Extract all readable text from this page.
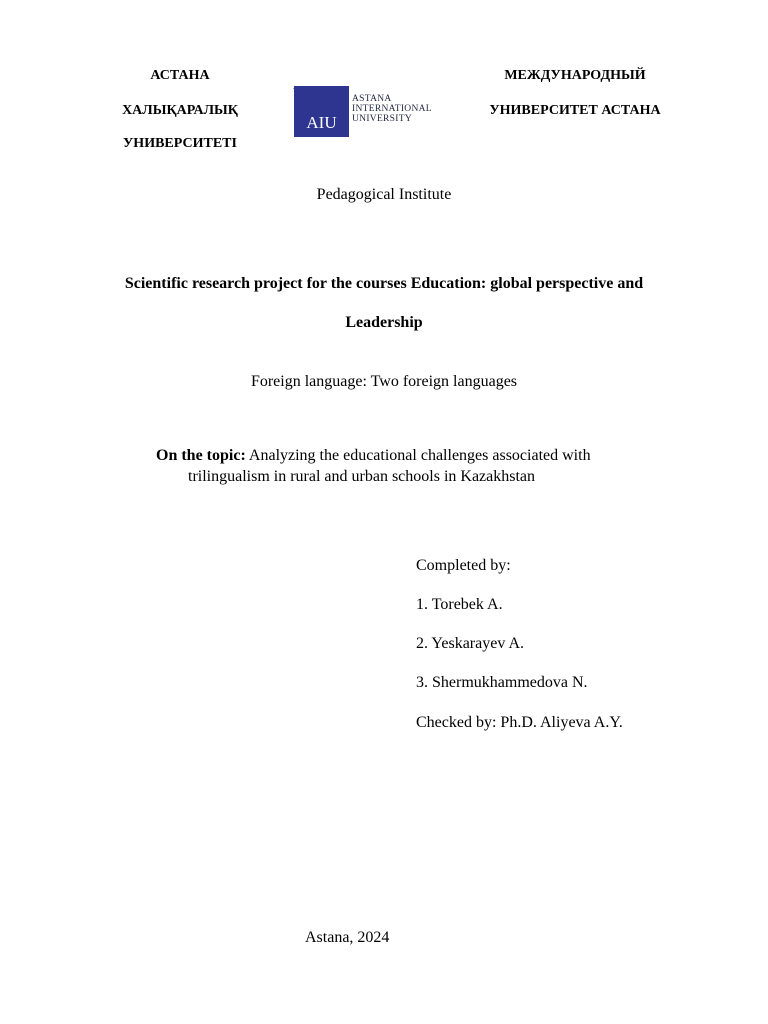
АСТАНА
ХАЛЫҚАРАЛЫҚ
УНИВЕРСИТЕТІ
AIU
ASTANA
INTERNATIONAL
UNIVERSITY
МЕЖДУНАРОДНЫЙ
УНИВЕРСИТЕТ АСТАНА
Pedagogical Institute
Scientific research project for the courses Education: global perspective and
Leadership
Foreign language: Two foreign languages
On the topic: Analyzing the educational challenges associated with
trilingualism in rural and urban schools in Kazakhstan
Completed by:
1. Torebek A.
2. Yeskarayev A.
3. Shermukhammedova N.
Checked by: Ph.D. Aliyeva A.Y.
Astana, 2024
